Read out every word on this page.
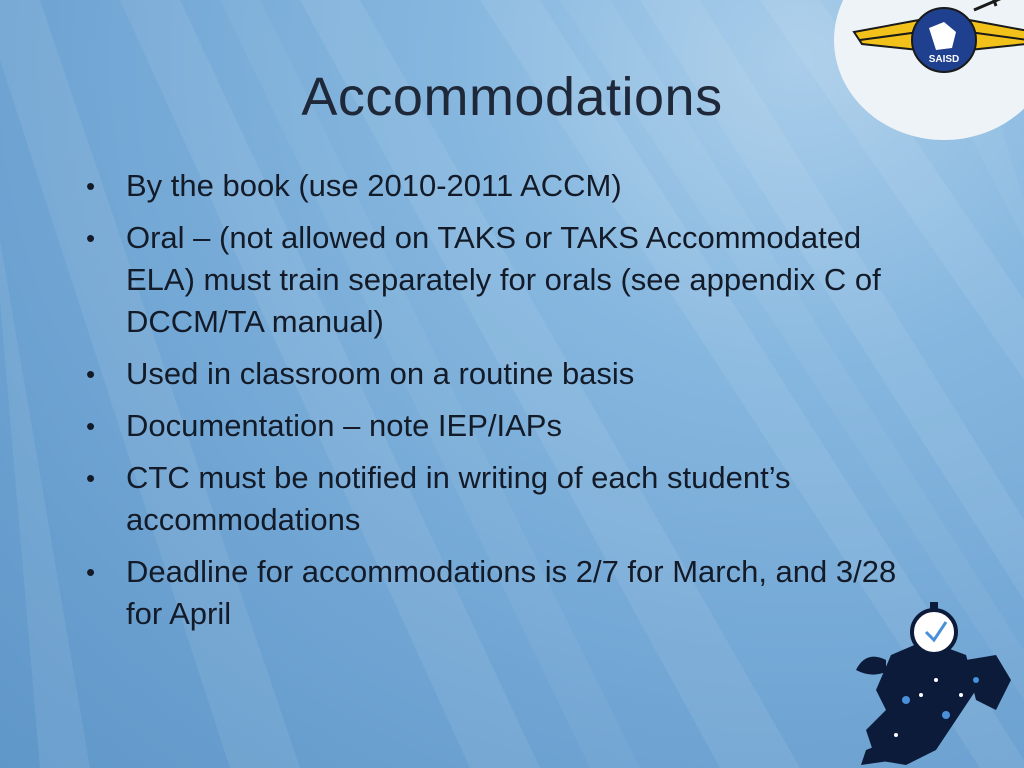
SAISD
Accommodations
• By the book (use 2010-2011 ACCM)
• Oral – (not allowed on TAKS or TAKS Accommodated ELA) must train separately for orals (see appendix C of DCCM/TA manual)
• Used in classroom on a routine basis
• Documentation – note IEP/IAPs
• CTC must be notified in writing of each student’s accommodations
• Deadline for accommodations is 2/7 for March, and 3/28 for April
